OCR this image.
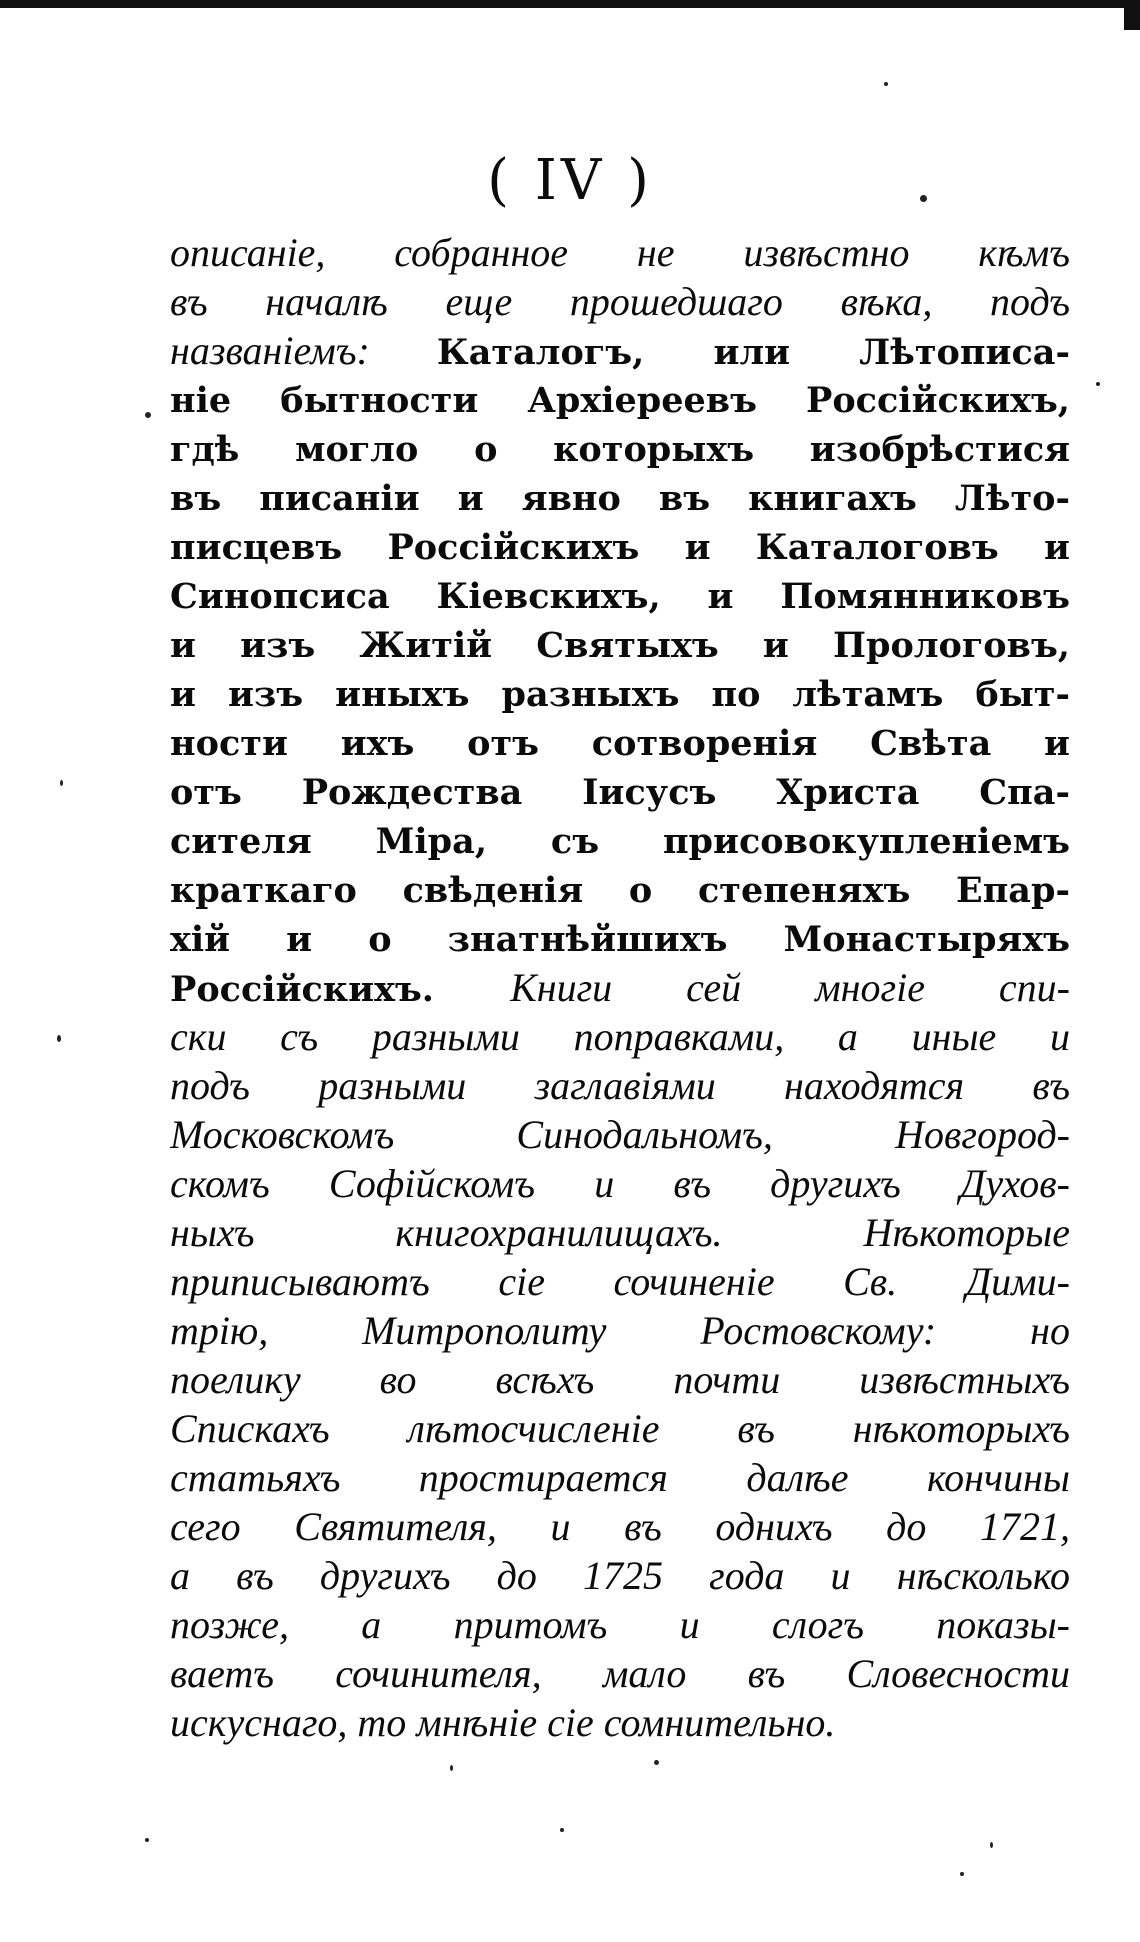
( IV )
описаніе, собранное не извѣстно кѣмъ
въ началѣ еще прошедшаго вѣка, подъ
названіемъ: Каталогъ, или Лѣтописа-
ніе бытности Архіереевъ Россійскихъ,
гдѣ могло о которыхъ изобрѣстися
въ писаніи и явно въ книгахъ Лѣто-
писцевъ Россійскихъ и Каталоговъ и
Синопсиса Кіевскихъ, и Помянниковъ
и изъ Житій Святыхъ и Прологовъ,
и изъ иныхъ разныхъ по лѣтамъ быт-
ности ихъ отъ сотворенія Свѣта и
отъ Рождества Іисусъ Христа Спа-
сителя Міра, съ присовокупленіемъ
краткаго свѣденія о степеняхъ Епар-
хій и о знатнѣйшихъ Монастыряхъ
Россійскихъ. Книги сей многіе спи-
ски съ разными поправками, а иные и
подъ разными заглавіями находятся въ
Московскомъ Синодальномъ, Новгород-
скомъ Софійскомъ и въ другихъ Духов-
ныхъ книгохранилищахъ. Нѣкоторые
приписываютъ сіе сочиненіе Св. Дими-
трію, Митрополиту Ростовскому: но
поелику во всѣхъ почти извѣстныхъ
Спискахъ лѣтосчисленіе въ нѣкоторыхъ
статьяхъ простирается далѣе кончины
сего Святителя, и въ однихъ до 1721,
а въ другихъ до 1725 года и нѣсколько
позже, а притомъ и слогъ показы-
ваетъ сочинителя, мало въ Словесности
искуснаго, то мнѣніе сіе сомнительно.
